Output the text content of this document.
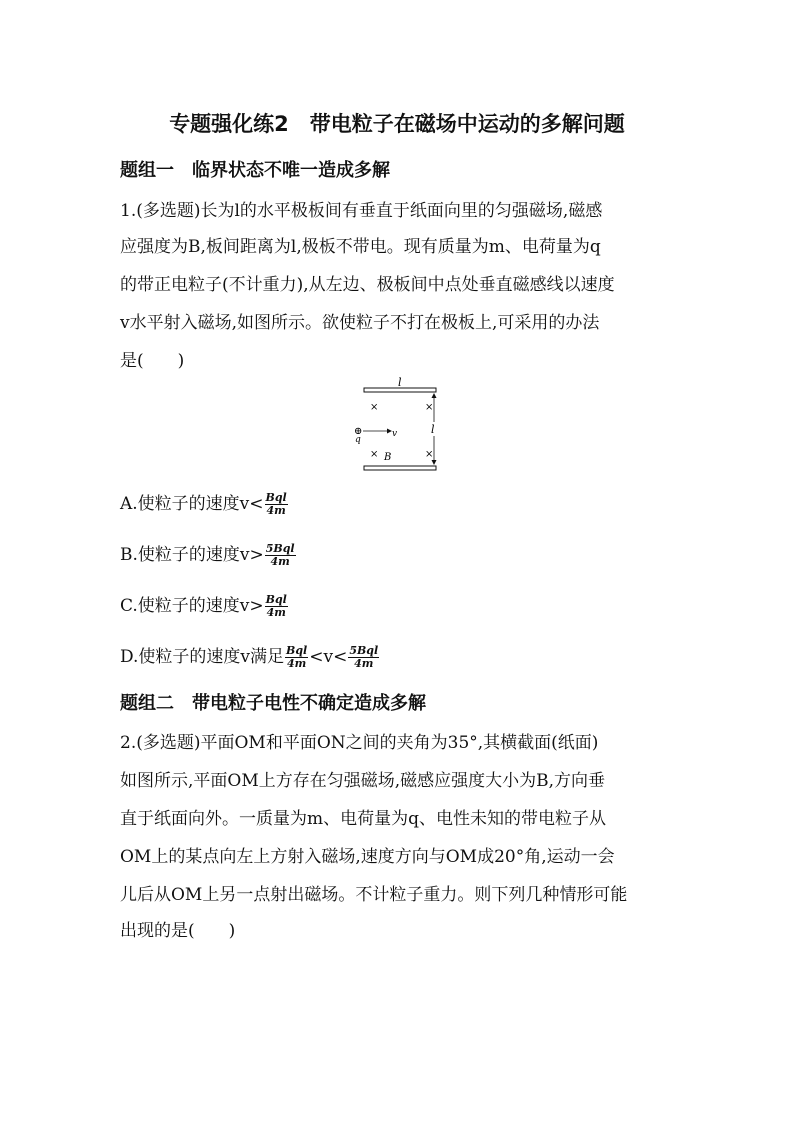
专题强化练2　带电粒子在磁场中运动的多解问题
题组一　临界状态不唯一造成多解
1.(多选题)长为l的水平极板间有垂直于纸面向里的匀强磁场,磁感
应强度为B,板间距离为l,极板不带电。现有质量为m、电荷量为q
的带正电粒子(不计重力),从左边、极板间中点处垂直磁感线以速度
v水平射入磁场,如图所示。欲使粒子不打在极板上,可采用的办法
是(　　)
l
×	×
×	×
l
⊕
q
v
B
A.使粒子的速度$v< \frac{\text{Bql}}{4m}$
B.使粒子的速度$v> \frac{\text{5Bql}}{4m}$
C.使粒子的速度$v> \frac{\text{Bql}}{4m}$
D.使粒子的速度v满足 $\frac{\text{Bql}}{4m} <v< \frac{\text{5Bql}}{4m}$
题组二　带电粒子电性不确定造成多解
2.(多选题)平面OM和平面ON之间的夹角为35°,其横截面(纸面)
如图所示,平面OM上方存在匀强磁场,磁感应强度大小为B,方向垂
直于纸面向外。一质量为m、电荷量为q、电性未知的带电粒子从
OM上的某点向左上方射入磁场,速度方向与OM成20°角,运动一会
儿后从OM上另一点射出磁场。不计粒子重力。则下列几种情形可能
出现的是(　　)
